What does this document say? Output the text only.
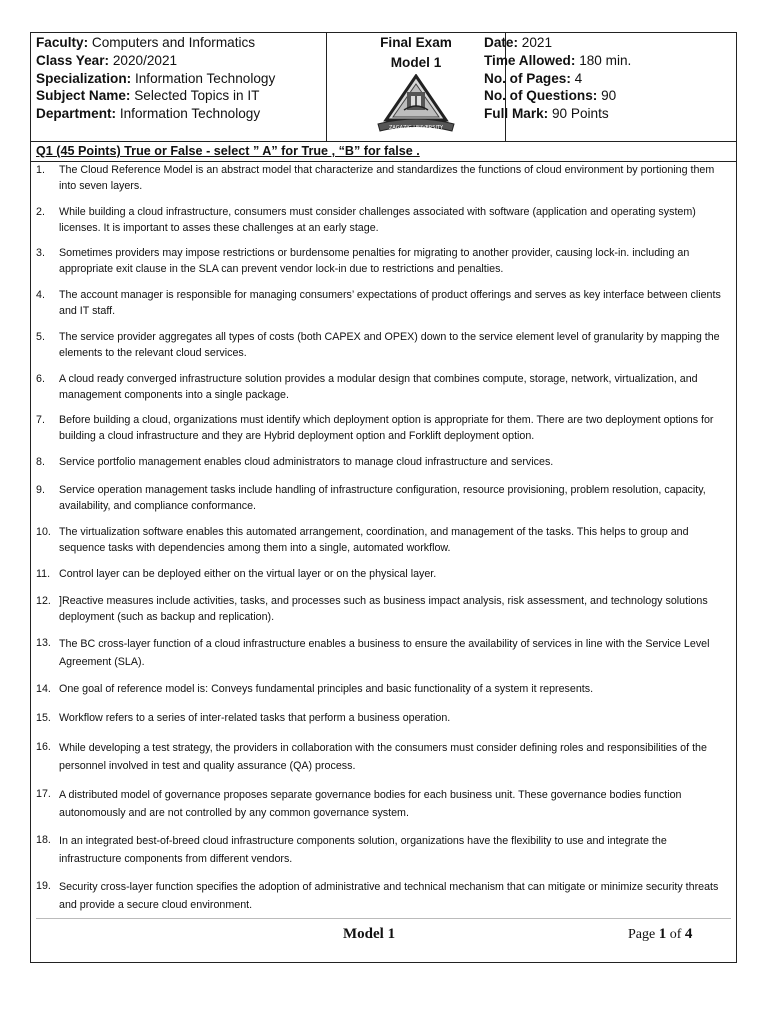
Faculty: Computers and Informatics
Class Year: 2020/2021
Specialization: Information Technology
Subject Name: Selected Topics in IT
Department: Information Technology
Final Exam
Model 1
ZAGAZIG UNIVERSITY
Date: 2021
Time Allowed: 180 min.
No. of Pages: 4
No. of Questions: 90
Full Mark: 90 Points
Q1 (45 Points) True or False - select ” A” for True , “B” for false .
1. The Cloud Reference Model is an abstract model that characterize and standardizes the functions of cloud environment by portioning them into seven layers.
2. While building a cloud infrastructure, consumers must consider challenges associated with software (application and operating system) licenses. It is important to asses these challenges at an early stage.
3. Sometimes providers may impose restrictions or burdensome penalties for migrating to another provider, causing lock-in. including an appropriate exit clause in the SLA can prevent vendor lock-in due to restrictions and penalties.
4. The account manager is responsible for managing consumers’ expectations of product offerings and serves as key interface between clients and IT staff.
5. The service provider aggregates all types of costs (both CAPEX and OPEX) down to the service element level of granularity by mapping the elements to the relevant cloud services.
6. A cloud ready converged infrastructure solution provides a modular design that combines compute, storage, network, virtualization, and management components into a single package.
7. Before building a cloud, organizations must identify which deployment option is appropriate for them. There are two deployment options for building a cloud infrastructure and they are Hybrid deployment option and Forklift deployment option.
8. Service portfolio management enables cloud administrators to manage cloud infrastructure and services.
9. Service operation management tasks include handling of infrastructure configuration, resource provisioning, problem resolution, capacity, availability, and compliance conformance.
10. The virtualization software enables this automated arrangement, coordination, and management of the tasks. This helps to group and sequence tasks with dependencies among them into a single, automated workflow.
11. Control layer can be deployed either on the virtual layer or on the physical layer.
12. ]Reactive measures include activities, tasks, and processes such as business impact analysis, risk assessment, and technology solutions deployment (such as backup and replication).
13. The BC cross-layer function of a cloud infrastructure enables a business to ensure the availability of services in line with the Service Level Agreement (SLA).
14. One goal of reference model is: Conveys fundamental principles and basic functionality of a system it represents.
15. Workflow refers to a series of inter-related tasks that perform a business operation.
16. While developing a test strategy, the providers in collaboration with the consumers must consider defining roles and responsibilities of the personnel involved in test and quality assurance (QA) process.
17. A distributed model of governance proposes separate governance bodies for each business unit. These governance bodies function autonomously and are not controlled by any common governance system.
18. In an integrated best-of-breed cloud infrastructure components solution, organizations have the flexibility to use and integrate the infrastructure components from different vendors.
19. Security cross-layer function specifies the adoption of administrative and technical mechanism that can mitigate or minimize security threats and provide a secure cloud environment.
Model 1	Page 1 of 4
